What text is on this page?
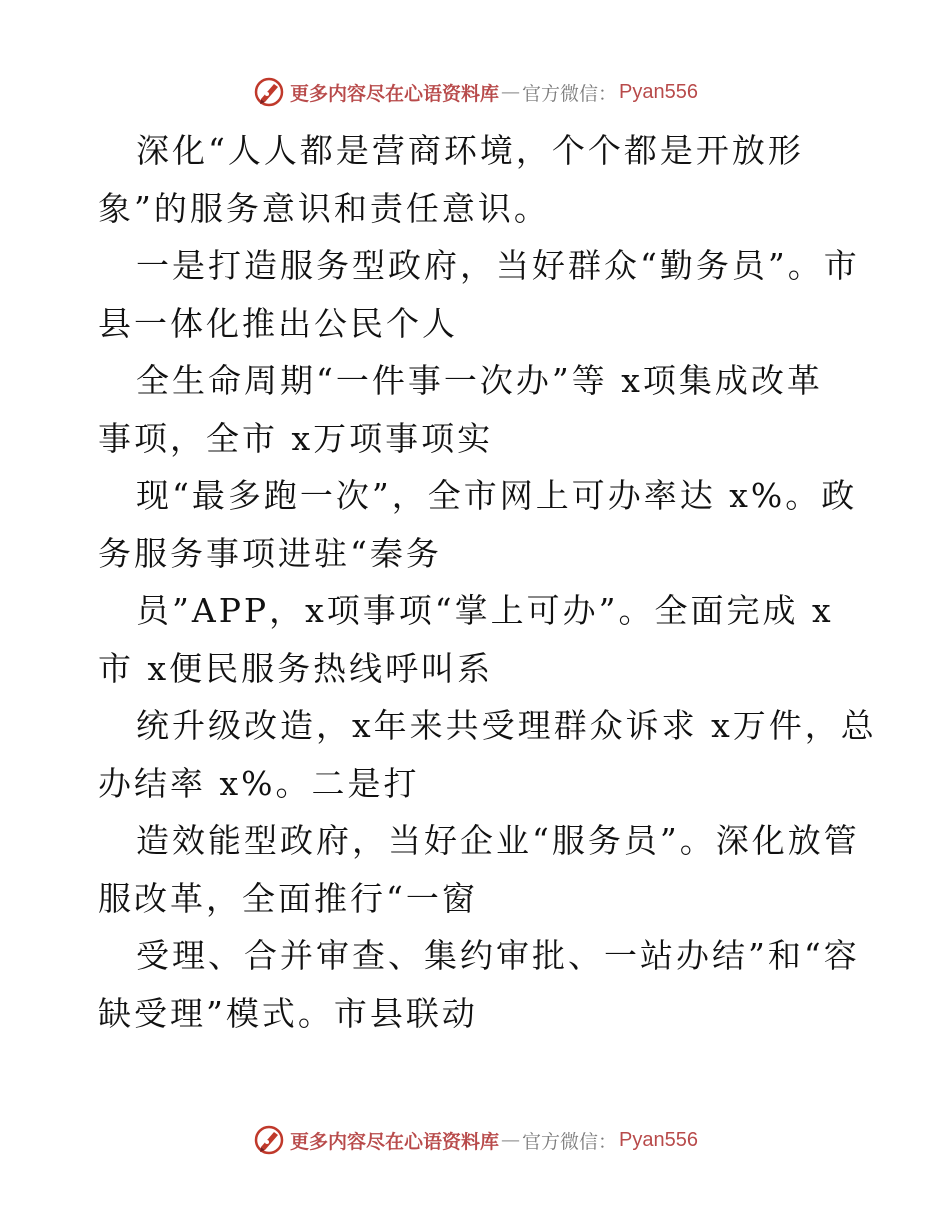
更多内容尽在心语资料库 — 官方微信： Pyan556
深化“人人都是营商环境，个个都是开放形
象”的服务意识和责任意识。
一是打造服务型政府，当好群众“勤务员”。市
县一体化推出公民个人
全生命周期“一件事一次办”等 x项集成改革
事项，全市 x万项事项实
现“最多跑一次”，全市网上可办率达 x%。政
务服务事项进驻“秦务
员”APP，x项事项“掌上可办”。全面完成 x
市 x便民服务热线呼叫系
统升级改造，x年来共受理群众诉求 x万件，总
办结率 x%。二是打
造效能型政府，当好企业“服务员”。深化放管
服改革，全面推行“一窗
受理、合并审查、集约审批、一站办结”和“容
缺受理”模式。市县联动
更多内容尽在心语资料库 — 官方微信： Pyan556
